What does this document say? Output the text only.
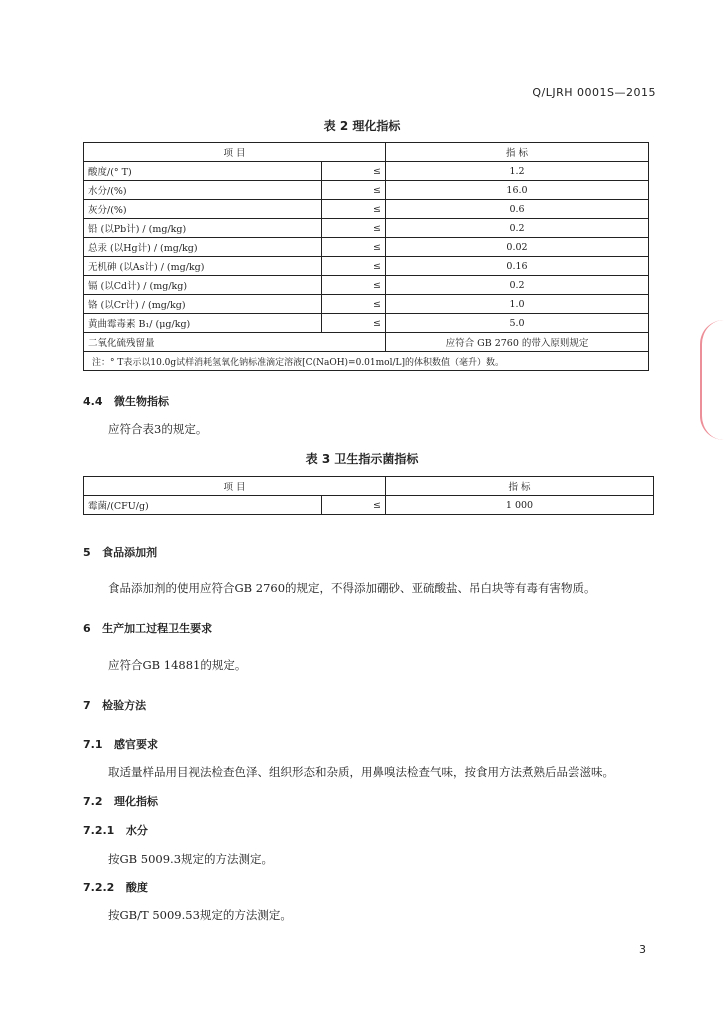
Q/LJRH 0001S—2015
表 2 理化指标
项 目		指 标
酸度/(° T)	≤	1.2
水分/(%)	≤	16.0
灰分/(%)	≤	0.6
铅 (以Pb计) / (mg/kg)	≤	0.2
总汞 (以Hg计) / (mg/kg)	≤	0.02
无机砷 (以As计) / (mg/kg)	≤	0.16
镉 (以Cd计) / (mg/kg)	≤	0.2
铬 (以Cr计) / (mg/kg)	≤	1.0
黄曲霉毒素 B₁/ (μg/kg)	≤	5.0
二氧化硫残留量		应符合 GB 2760 的带入原则规定
注：° T表示以10.0g试样消耗氢氧化钠标准滴定溶液[C(NaOH)=0.01mol/L]的体积数值（毫升）数。		
4.4 微生物指标
应符合表3的规定。
表 3 卫生指示菌指标
项 目		指 标
霉菌/(CFU/g)	≤	1 000
5 食品添加剂
食品添加剂的使用应符合GB 2760的规定，不得添加硼砂、亚硫酸盐、吊白块等有毒有害物质。
6 生产加工过程卫生要求
应符合GB 14881的规定。
7 检验方法
7.1 感官要求
取适量样品用目视法检查色泽、组织形态和杂质，用鼻嗅法检查气味，按食用方法煮熟后品尝滋味。
7.2 理化指标
7.2.1 水分
按GB 5009.3规定的方法测定。
7.2.2 酸度
按GB/T 5009.53规定的方法测定。
3
